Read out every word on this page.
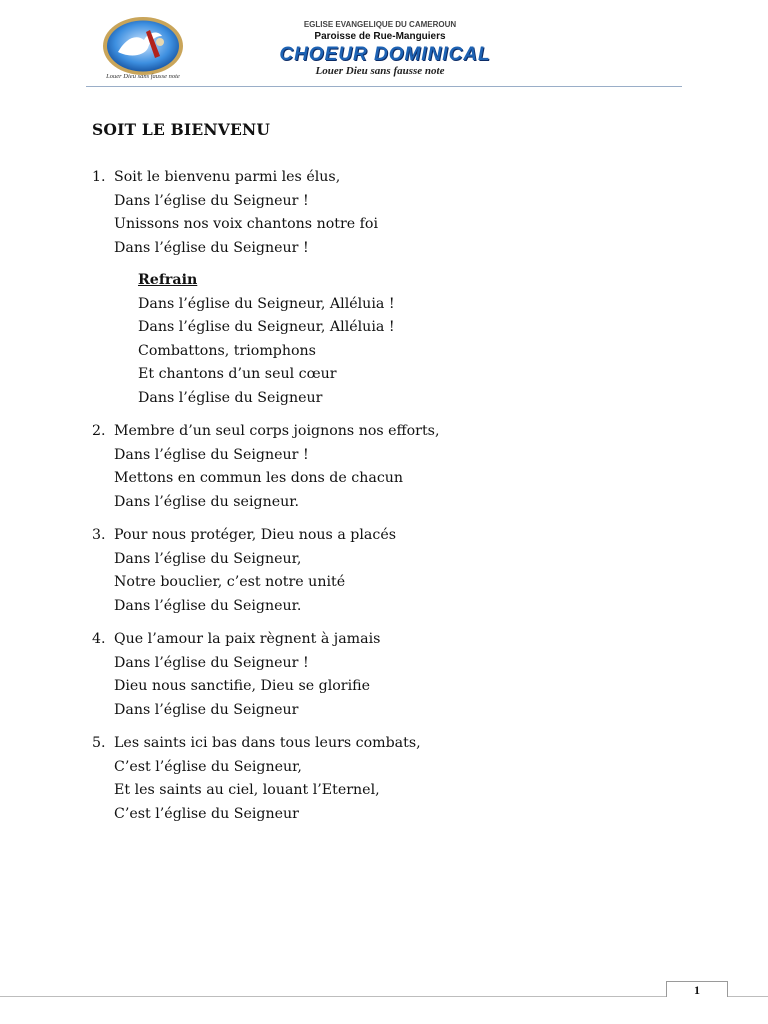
Louer Dieu sans fausse note
EGLISE EVANGELIQUE DU CAMEROUN
Paroisse de Rue-Manguiers
CHOEUR DOMINICAL
Louer Dieu sans fausse note
SOIT LE BIENVENU
1. Soit le bienvenu parmi les élus,
Dans l’église du Seigneur !
Unissons nos voix chantons notre foi
Dans l’église du Seigneur !
Refrain
Dans l’église du Seigneur, Alléluia !
Dans l’église du Seigneur, Alléluia !
Combattons, triomphons
Et chantons d’un seul cœur
Dans l’église du Seigneur
2. Membre d’un seul corps joignons nos efforts,
Dans l’église du Seigneur !
Mettons en commun les dons de chacun
Dans l’église du seigneur.
3. Pour nous protéger, Dieu nous a placés
Dans l’église du Seigneur,
Notre bouclier, c’est notre unité
Dans l’église du Seigneur.
4. Que l’amour la paix règnent à jamais
Dans l’église du Seigneur !
Dieu nous sanctifie, Dieu se glorifie
Dans l’église du Seigneur
5. Les saints ici bas dans tous leurs combats,
C’est l’église du Seigneur,
Et les saints au ciel, louant l’Eternel,
C’est l’église du Seigneur
1
